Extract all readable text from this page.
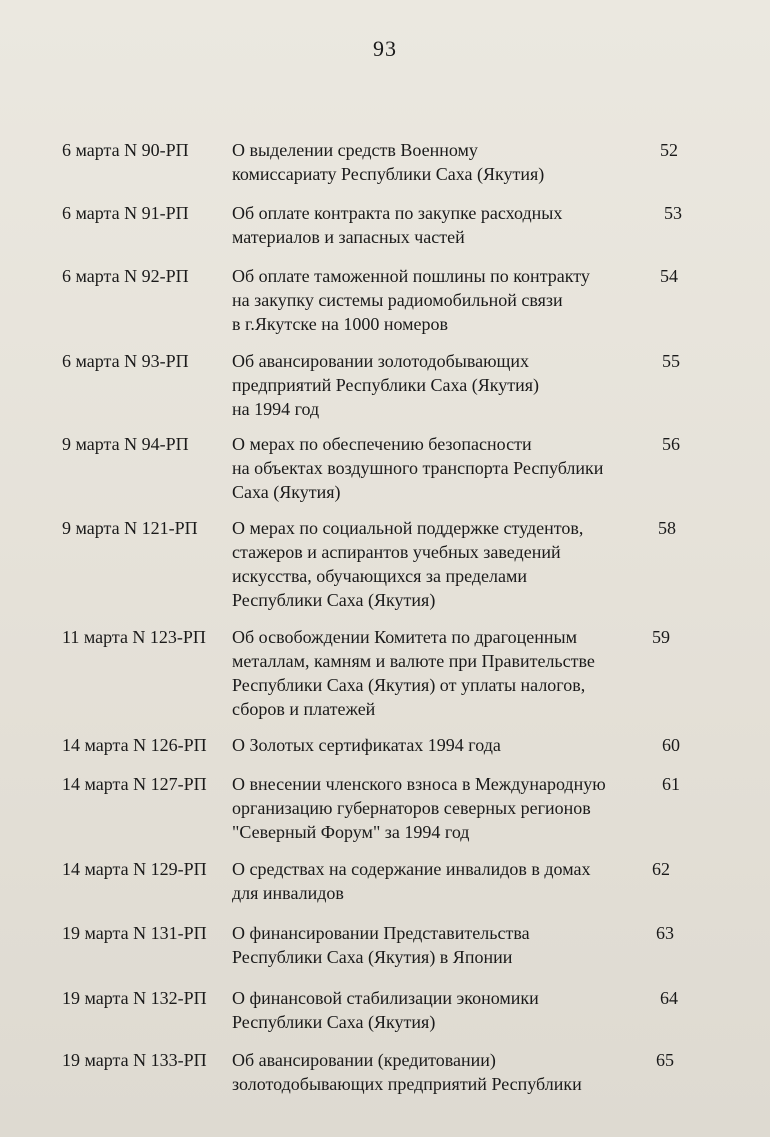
93
6 марта N 90-РП О выделении средств Военному
комиссариату Республики Саха (Якутия)
52
6 марта N 91-РП Об оплате контракта по закупке расходных
материалов и запасных частей
53
6 марта N 92-РП Об оплате таможенной пошлины по контракту
на закупку системы радиомобильной связи
в г.Якутске на 1000 номеров
54
6 марта N 93-РП Об авансировании золотодобывающих
предприятий Республики Саха (Якутия)
на 1994 год
55
9 марта N 94-РП О мерах по обеспечению безопасности
на объектах воздушного транспорта Республики
Саха (Якутия)
56
9 марта N 121-РП О мерах по социальной поддержке студентов,
стажеров и аспирантов учебных заведений
искусства, обучающихся за пределами
Республики Саха (Якутия)
58
11 марта N 123-РП Об освобождении Комитета по драгоценным
металлам, камням и валюте при Правительстве
Республики Саха (Якутия) от уплаты налогов,
сборов и платежей
59
14 марта N 126-РП О Золотых сертификатах 1994 года	60
14 марта N 127-РП О внесении членского взноса в Международную
организацию губернаторов северных регионов
"Северный Форум" за 1994 год
61
14 марта N 129-РП О средствах на содержание инвалидов в домах
для инвалидов
62
19 марта N 131-РП О финансировании Представительства
Республики Саха (Якутия) в Японии
63
19 марта N 132-РП О финансовой стабилизации экономики
Республики Саха (Якутия)
64
19 марта N 133-РП Об авансировании (кредитовании)
золотодобывающих предприятий Республики
65
